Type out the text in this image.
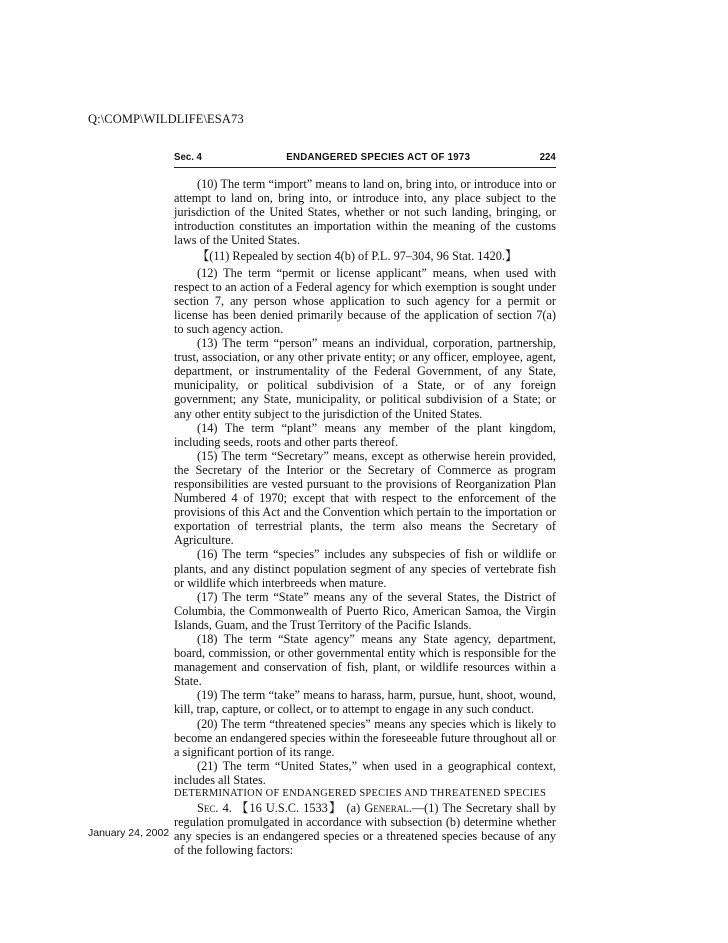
Q:\COMP\WILDLIFE\ESA73
Sec. 4	ENDANGERED SPECIES ACT OF 1973	224

(10) The term “import” means to land on, bring into, or introduce into or attempt to land on, bring into, or introduce into, any place subject to the jurisdiction of the United States, whether or not such landing, bringing, or introduction constitutes an importation within the meaning of the customs laws of the United States.

【(11) Repealed by section 4(b) of P.L. 97–304, 96 Stat. 1420.】

(12) The term “permit or license applicant” means, when used with respect to an action of a Federal agency for which exemption is sought under section 7, any person whose application to such agency for a permit or license has been denied primarily because of the application of section 7(a) to such agency action.

(13) The term “person” means an individual, corporation, partnership, trust, association, or any other private entity; or any officer, employee, agent, department, or instrumentality of the Federal Government, of any State, municipality, or political subdivision of a State, or of any foreign government; any State, municipality, or political subdivision of a State; or any other entity subject to the jurisdiction of the United States.

(14) The term “plant” means any member of the plant kingdom, including seeds, roots and other parts thereof.

(15) The term “Secretary” means, except as otherwise herein provided, the Secretary of the Interior or the Secretary of Commerce as program responsibilities are vested pursuant to the provisions of Reorganization Plan Numbered 4 of 1970; except that with respect to the enforcement of the provisions of this Act and the Convention which pertain to the importation or exportation of terrestrial plants, the term also means the Secretary of Agriculture.

(16) The term “species” includes any subspecies of fish or wildlife or plants, and any distinct population segment of any species of vertebrate fish or wildlife which interbreeds when mature.

(17) The term “State” means any of the several States, the District of Columbia, the Commonwealth of Puerto Rico, American Samoa, the Virgin Islands, Guam, and the Trust Territory of the Pacific Islands.

(18) The term “State agency” means any State agency, department, board, commission, or other governmental entity which is responsible for the management and conservation of fish, plant, or wildlife resources within a State.

(19) The term “take” means to harass, harm, pursue, hunt, shoot, wound, kill, trap, capture, or collect, or to attempt to engage in any such conduct.

(20) The term “threatened species” means any species which is likely to become an endangered species within the foreseeable future throughout all or a significant portion of its range.

(21) The term “United States,” when used in a geographical context, includes all States.

DETERMINATION OF ENDANGERED SPECIES AND THREATENED SPECIES

Sec. 4. 【16 U.S.C. 1533】 (a) General.—(1) The Secretary shall by regulation promulgated in accordance with subsection (b) determine whether any species is an endangered species or a threatened species because of any of the following factors:

January 24, 2002
